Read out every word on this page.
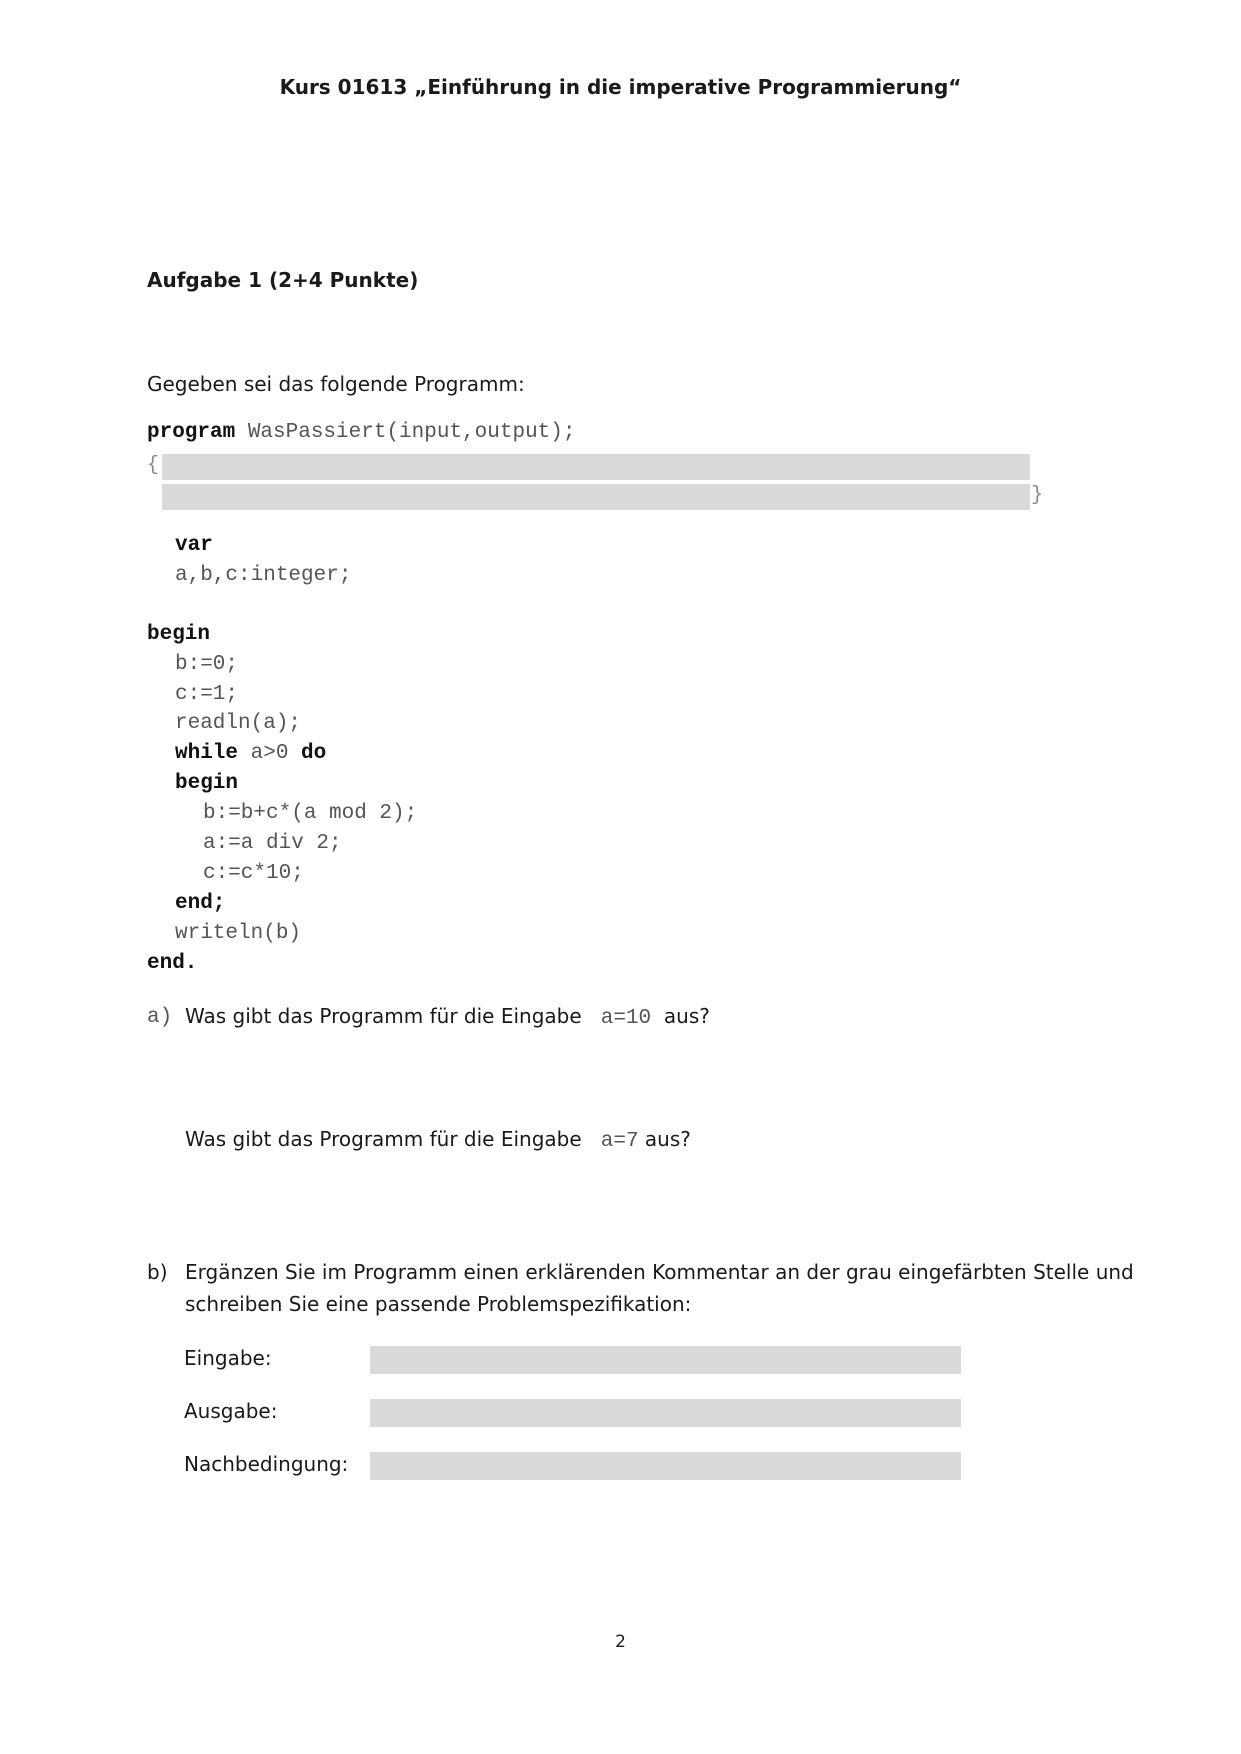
Kurs 01613 „Einführung in die imperative Programmierung“
Aufgabe 1 (2+4 Punkte)
Gegeben sei das folgende Programm:
program WasPassiert(input,output);
{
}
var
a,b,c:integer;
begin
b:=0;
c:=1;
readln(a);
while a>0 do
begin
b:=b+c*(a mod 2);
a:=a div 2;
c:=c*10;
end;
writeln(b)
end.
a) Was gibt das Programm für die Eingabe a=10 aus?
Was gibt das Programm für die Eingabe a=7 aus?
b) Ergänzen Sie im Programm einen erklärenden Kommentar an der grau eingefärbten Stelle und
schreiben Sie eine passende Problemspezifikation:
Eingabe:
Ausgabe:
Nachbedingung:
2
